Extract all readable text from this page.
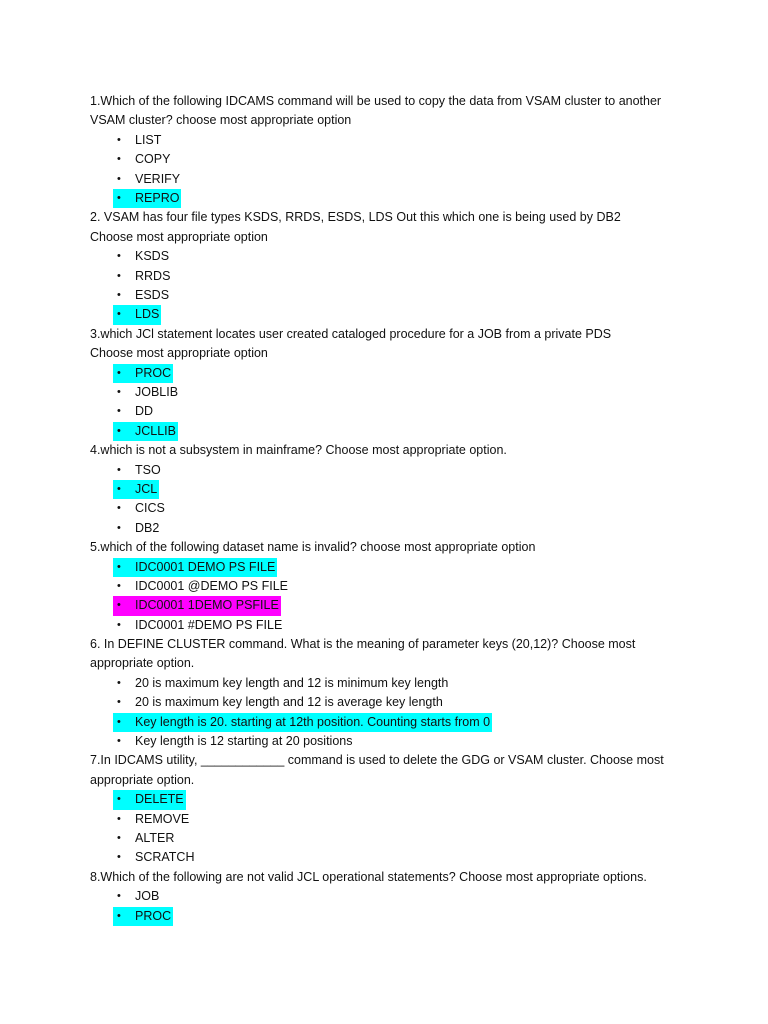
1.Which of the following IDCAMS command will be used to copy the data from VSAM cluster to another VSAM cluster? choose most appropriate option
• LIST
• COPY
• VERIFY
• REPRO
2. VSAM has four file types KSDS, RRDS, ESDS, LDS Out this which one is being used by DB2
Choose most appropriate option
• KSDS
• RRDS
• ESDS
• LDS
3.which JCl statement locates user created cataloged procedure for a JOB from a private PDS
Choose most appropriate option
• PROC
• JOBLIB
• DD
• JCLLIB
4.which is not a subsystem in mainframe? Choose most appropriate option.
• TSO
• JCL
• CICS
• DB2
5.which of the following dataset name is invalid? choose most appropriate option
• IDC0001 DEMO PS FILE
• IDC0001 @DEMO PS FILE
• IDC0001 1DEMO PSFILE
• IDC0001 #DEMO PS FILE
6. In DEFINE CLUSTER command. What is the meaning of parameter keys (20,12)? Choose most appropriate option.
• 20 is maximum key length and 12 is minimum key length
• 20 is maximum key length and 12 is average key length
• Key length is 20. starting at 12th position. Counting starts from 0
• Key length is 12 starting at 20 positions
7.In IDCAMS utility, ____________ command is used to delete the GDG or VSAM cluster. Choose most appropriate option.
• DELETE
• REMOVE
• ALTER
• SCRATCH
8.Which of the following are not valid JCL operational statements? Choose most appropriate options.
• JOB
• PROC
